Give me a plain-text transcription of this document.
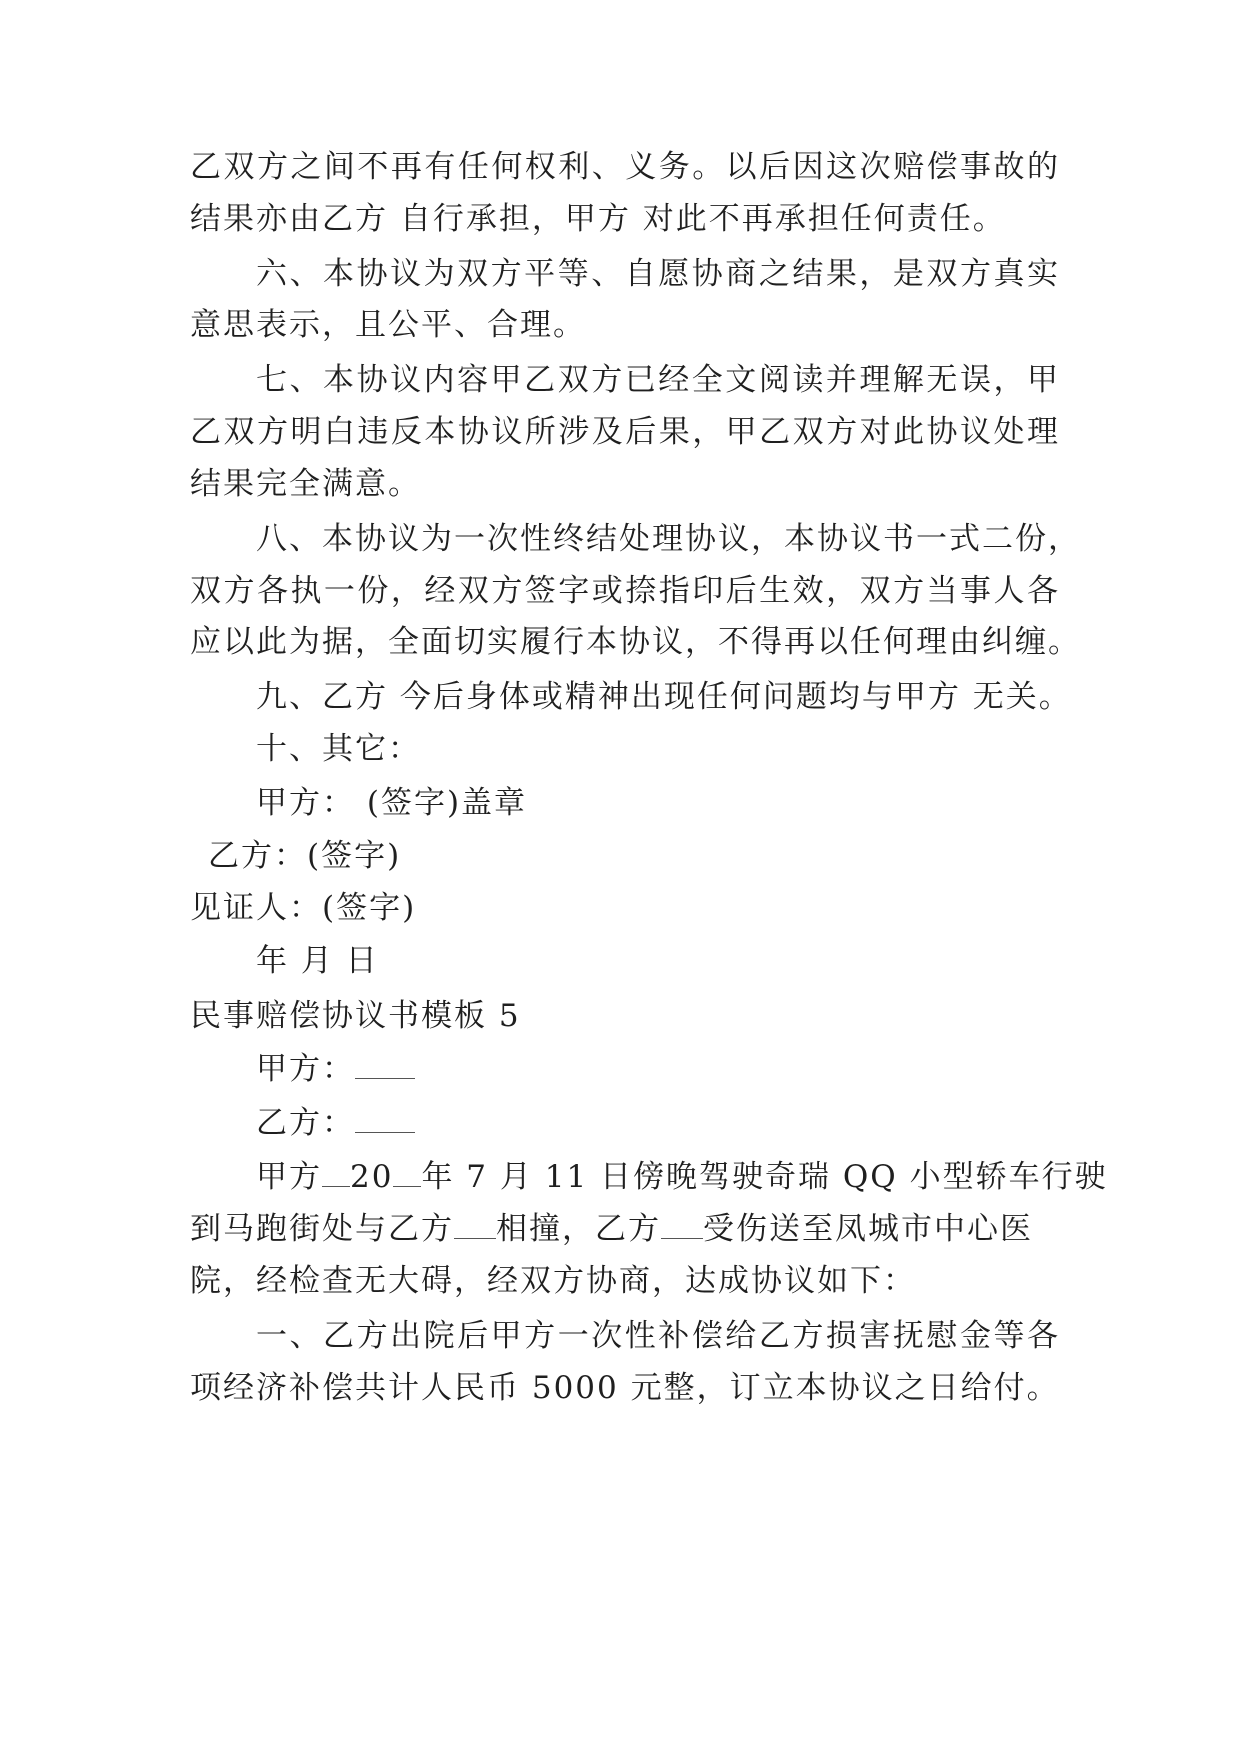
乙双方之间不再有任何权利、义务。以后因这次赔偿事故的
结果亦由乙方 自行承担，甲方 对此不再承担任何责任。
六、本协议为双方平等、自愿协商之结果，是双方真实
意思表示，且公平、合理。
七、本协议内容甲乙双方已经全文阅读并理解无误，甲
乙双方明白违反本协议所涉及后果，甲乙双方对此协议处理
结果完全满意。
八、本协议为一次性终结处理协议，本协议书一式二份，
双方各执一份，经双方签字或捺指印后生效，双方当事人各
应以此为据，全面切实履行本协议，不得再以任何理由纠缠。
九、乙方 今后身体或精神出现任何问题均与甲方 无关。
十、其它：
甲方： (签字)盖章
乙方：(签字)
见证人：(签字)
年 月 日
民事赔偿协议书模板 5
甲方：
乙方：
甲方 20 年 7 月 11 日傍晚驾驶奇瑞 QQ 小型轿车行驶
到马跑街处与乙方 相撞，乙方 受伤送至凤城市中心医
院，经检查无大碍，经双方协商，达成协议如下：
一、乙方出院后甲方一次性补偿给乙方损害抚慰金等各
项经济补偿共计人民币 5000 元整，订立本协议之日给付。
